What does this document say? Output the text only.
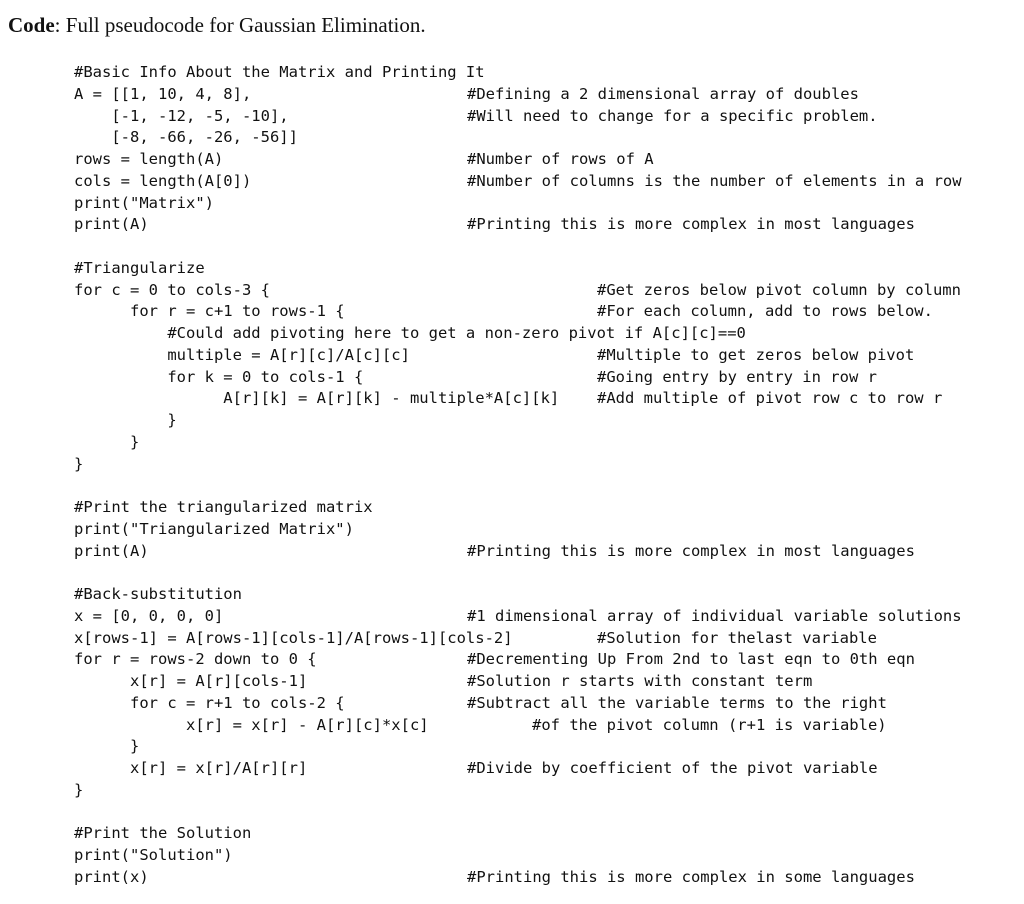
Code: Full pseudocode for Gaussian Elimination.
#Basic Info About the Matrix and Printing It
A = [[1, 10, 4, 8],	#Defining a 2 dimensional array of doubles
[-1, -12, -5, -10],	#Will need to change for a specific problem.
[-8, -66, -26, -56]]
rows = length(A)	#Number of rows of A
cols = length(A[0])	#Number of columns is the number of elements in a row
print("Matrix")
print(A)	#Printing this is more complex in most languages
#Triangularize
for c = 0 to cols-3 {	#Get zeros below pivot column by column
for r = c+1 to rows-1 {	#For each column, add to rows below.
#Could add pivoting here to get a non-zero pivot if A[c][c]==0
multiple = A[r][c]/A[c][c]	#Multiple to get zeros below pivot
for k = 0 to cols-1 {	#Going entry by entry in row r
A[r][k] = A[r][k] - multiple*A[c][k] #Add multiple of pivot row c to row r
}
}
}
#Print the triangularized matrix
print("Triangularized Matrix")
print(A)	#Printing this is more complex in most languages
#Back-substitution
x = [0, 0, 0, 0]	#1 dimensional array of individual variable solutions
x[rows-1] = A[rows-1][cols-1]/A[rows-1][cols-2]	#Solution for thelast variable
for r = rows-2 down to 0 {	#Decrementing Up From 2nd to last eqn to 0th eqn
x[r] = A[r][cols-1]	#Solution r starts with constant term
for c = r+1 to cols-2 {	#Subtract all the variable terms to the right
x[r] = x[r] - A[r][c]*x[c]	#of the pivot column (r+1 is variable)
}
x[r] = x[r]/A[r][r]	#Divide by coefficient of the pivot variable
}
#Print the Solution
print("Solution")
print(x)	#Printing this is more complex in some languages
